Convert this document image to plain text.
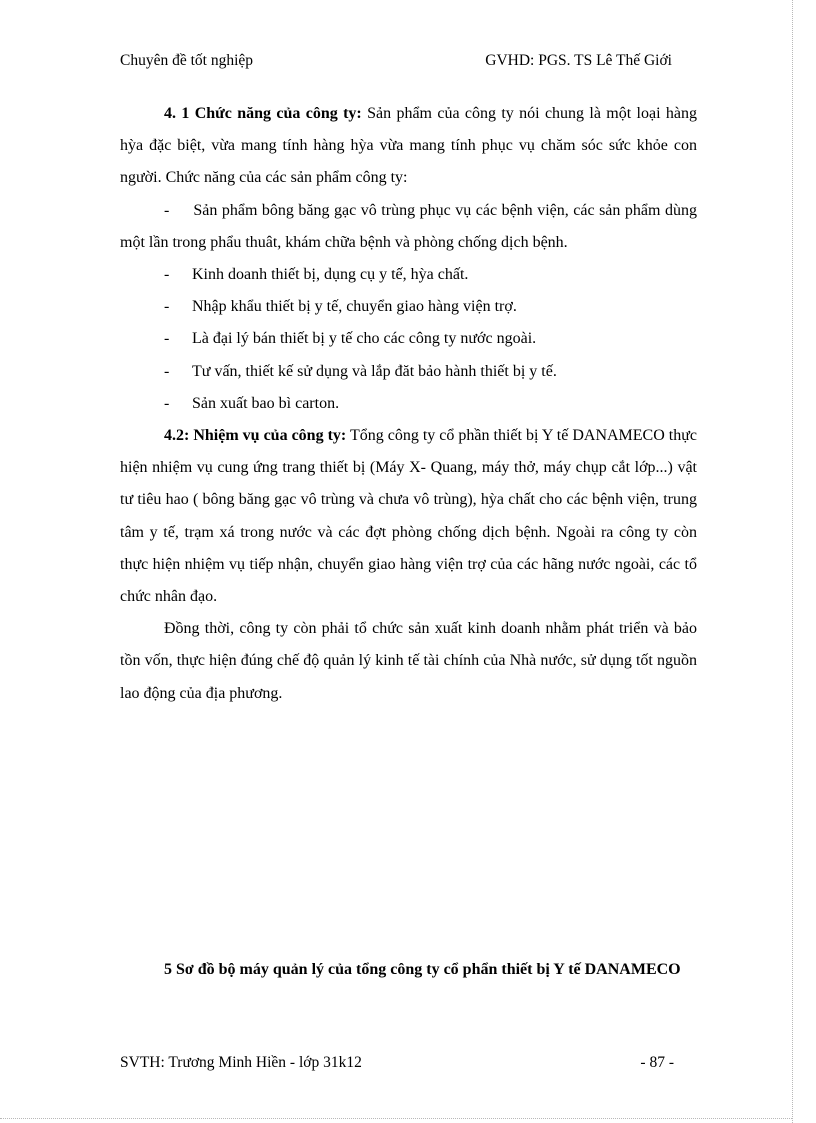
Chuyên đề tốt nghiệp	GVHD: PGS. TS Lê Thế Giới

4. 1 Chức năng của công ty: Sản phẩm của công ty nói chung là một loại hàng hỳa đặc biệt, vừa mang tính hàng hỳa vừa mang tính phục vụ chăm sóc sức khỏe con người. Chức năng của các sản phẩm công ty:

- Sản phẩm bông băng gạc vô trùng phục vụ các bệnh viện, các sản phẩm dùng một lần trong phẩu thuât, khám chữa bệnh và phòng chống dịch bệnh.

- Kinh doanh thiết bị, dụng cụ y tế, hỳa chất.

- Nhập khẩu thiết bị y tế, chuyển giao hàng viện trợ.

- Là đại lý bán thiết bị y tế cho các công ty nước ngoài.

- Tư vấn, thiết kế sử dụng và lắp đăt bảo hành thiết bị y tế.

- Sản xuất bao bì carton.

4.2: Nhiệm vụ của công ty: Tổng công ty cổ phần thiết bị Y tế DANAMECO thực hiện nhiệm vụ cung ứng trang thiết bị (Máy X- Quang, máy thở, máy chụp cắt lớp...) vật tư tiêu hao ( bông băng gạc vô trùng và chưa vô trùng), hỳa chất cho các bệnh viện, trung tâm y tế, trạm xá trong nước và các đợt phòng chống dịch bệnh. Ngoài ra công ty còn thực hiện nhiệm vụ tiếp nhận, chuyển giao hàng viện trợ của các hãng nước ngoài, các tổ chức nhân đạo.

Đồng thời, công ty còn phải tổ chức sản xuất kinh doanh nhằm phát triển và bảo tồn vốn, thực hiện đúng chế độ quản lý kinh tế tài chính của Nhà nước, sử dụng tốt nguồn lao động của địa phương.

5 Sơ đồ bộ máy quản lý của tổng công ty cổ phẩn thiết bị Y tế DANAMECO
SVTH: Trương Minh Hiền - lớp 31k12	- 87 -
